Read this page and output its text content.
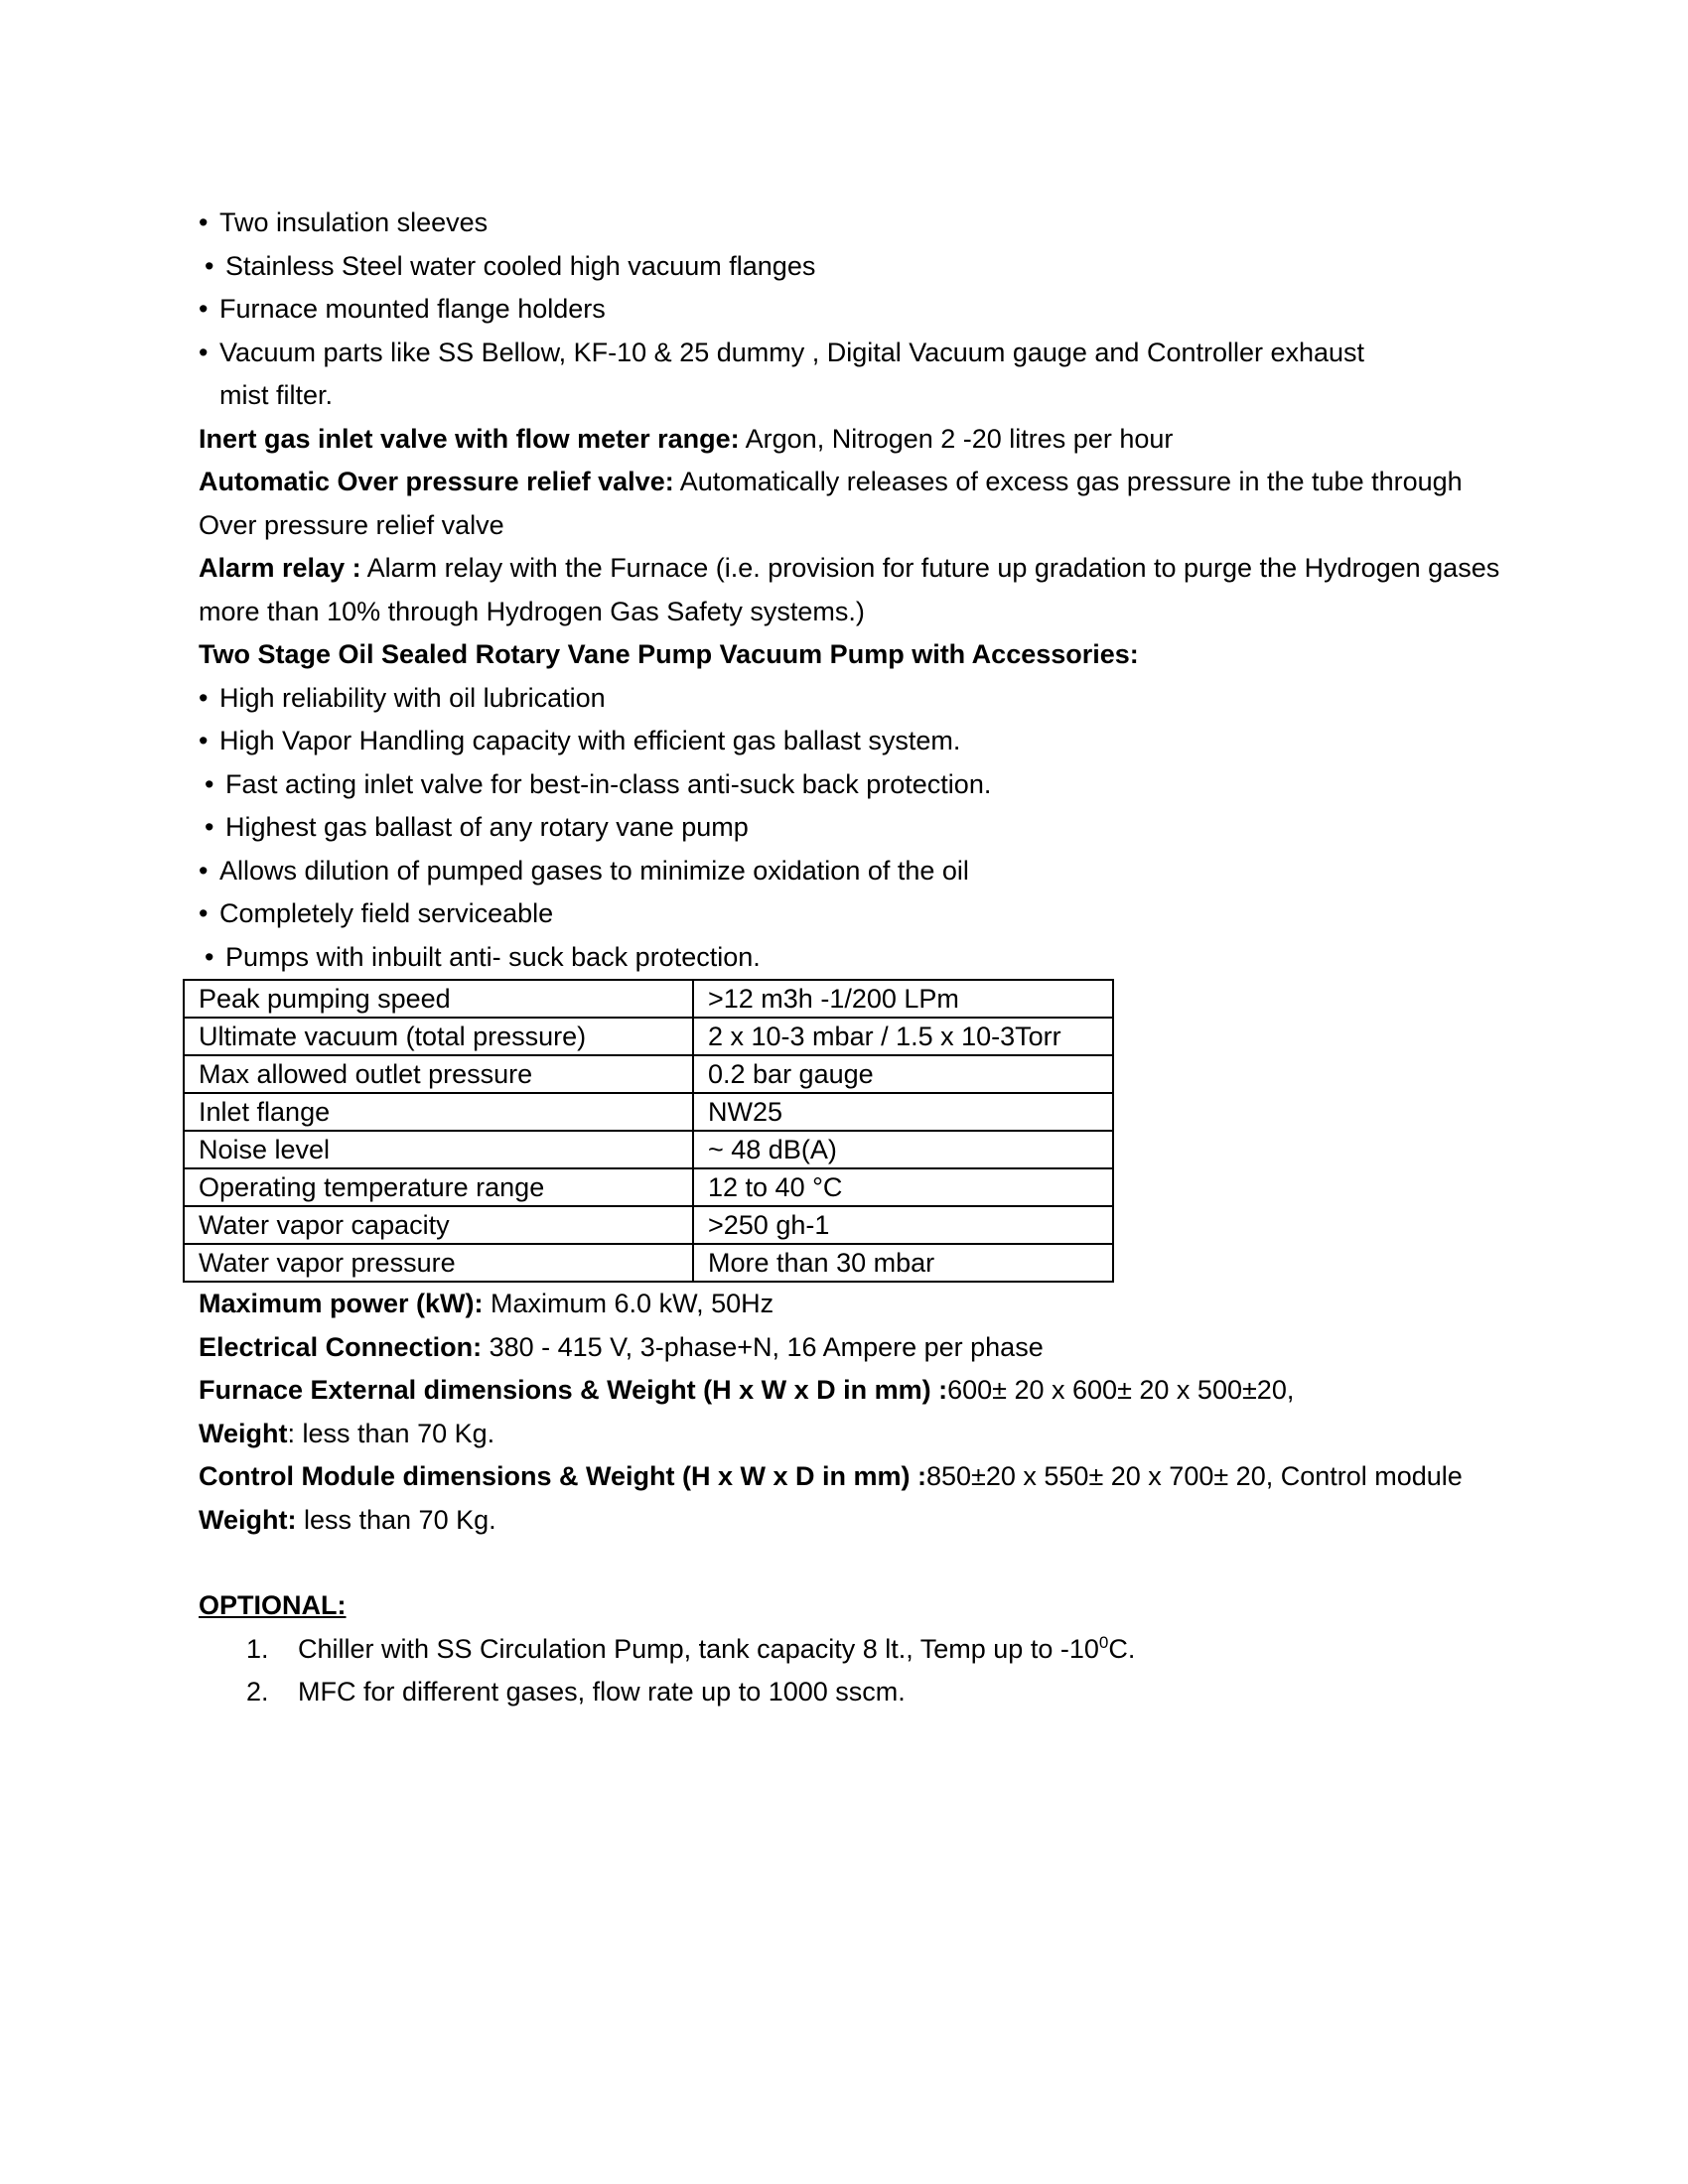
• Two insulation sleeves
• Stainless Steel water cooled high vacuum flanges
• Furnace mounted flange holders
• Vacuum parts like SS Bellow, KF-10 & 25 dummy , Digital Vacuum gauge and Controller exhaust mist filter.

Inert gas inlet valve with flow meter range: Argon, Nitrogen 2 -20 litres per hour

Automatic Over pressure relief valve: Automatically releases of excess gas pressure in the tube through Over pressure relief valve

Alarm relay : Alarm relay with the Furnace (i.e. provision for future up gradation to purge the Hydrogen gases more than 10% through Hydrogen Gas Safety systems.)

Two Stage Oil Sealed Rotary Vane Pump Vacuum Pump with Accessories:

• High reliability with oil lubrication
• High Vapor Handling capacity with efficient gas ballast system.
• Fast acting inlet valve for best-in-class anti-suck back protection.
• Highest gas ballast of any rotary vane pump
• Allows dilution of pumped gases to minimize oxidation of the oil
• Completely field serviceable
• Pumps with inbuilt anti- suck back protection.
Peak pumping speed	>12 m3h -1/200 LPm
Ultimate vacuum (total pressure)	2 x 10-3 mbar / 1.5 x 10-3Torr
Max allowed outlet pressure	0.2 bar gauge
Inlet flange	NW25
Noise level	~ 48 dB(A)
Operating temperature range	12 to 40 °C
Water vapor capacity	>250 gh-1
Water vapor pressure	More than 30 mbar

Maximum power (kW): Maximum 6.0 kW, 50Hz

Electrical Connection: 380 - 415 V, 3-phase+N, 16 Ampere per phase

Furnace External dimensions & Weight (H x W x D in mm) :600± 20 x 600± 20 x 500±20,

Weight: less than 70 Kg.

Control Module dimensions & Weight (H x W x D in mm) :850±20 x 550± 20 x 700± 20, Control module

Weight: less than 70 Kg.

OPTIONAL:

1.	Chiller with SS Circulation Pump, tank capacity 8 lt., Temp up to $-10^0C$.
2.	MFC for different gases, flow rate up to 1000 sscm.
